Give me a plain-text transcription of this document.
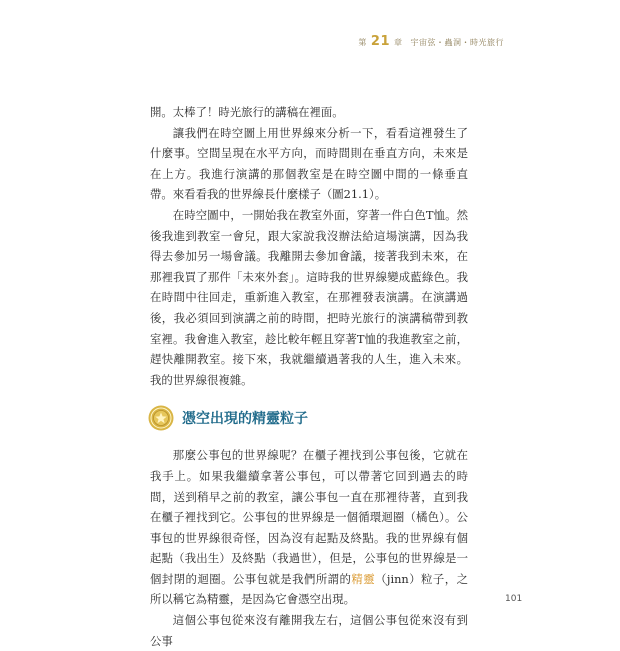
第 21 章 宇宙弦・蟲洞・時光旅行

開。太棒了！時光旅行的講稿在裡面。

讓我們在時空圖上用世界線來分析一下，看看這裡發生了什麼事。空間呈現在水平方向，而時間則在垂直方向，未來是在上方。我進行演講的那個教室是在時空圖中間的一條垂直帶。來看看我的世界線長什麼樣子（圖21.1）。

在時空圖中，一開始我在教室外面，穿著一件白色T恤。然後我進到教室一會兒，跟大家說我沒辦法給這場演講，因為我得去參加另一場會議。我離開去參加會議，接著我到未來，在那裡我買了那件「未來外套」。這時我的世界線變成藍綠色。我在時間中往回走，重新進入教室，在那裡發表演講。在演講過後，我必須回到演講之前的時間，把時光旅行的演講稿帶到教室裡。我會進入教室，趁比較年輕且穿著T恤的我進教室之前，趕快離開教室。接下來，我就繼續過著我的人生，進入未來。我的世界線很複雜。

憑空出現的精靈粒子

那麼公事包的世界線呢？在櫃子裡找到公事包後，它就在我手上。如果我繼續拿著公事包，可以帶著它回到過去的時間，送到稍早之前的教室，讓公事包一直在那裡待著，直到我在櫃子裡找到它。公事包的世界線是一個循環迴圈（橘色）。公事包的世界線很奇怪，因為沒有起點及終點。我的世界線有個起點（我出生）及終點（我過世），但是，公事包的世界線是一個封閉的迴圈。公事包就是我們所謂的精靈（jinn）粒子，之所以稱它為精靈，是因為它會憑空出現。

這個公事包從來沒有離開我左右，這個公事包從來沒有到公事

101
